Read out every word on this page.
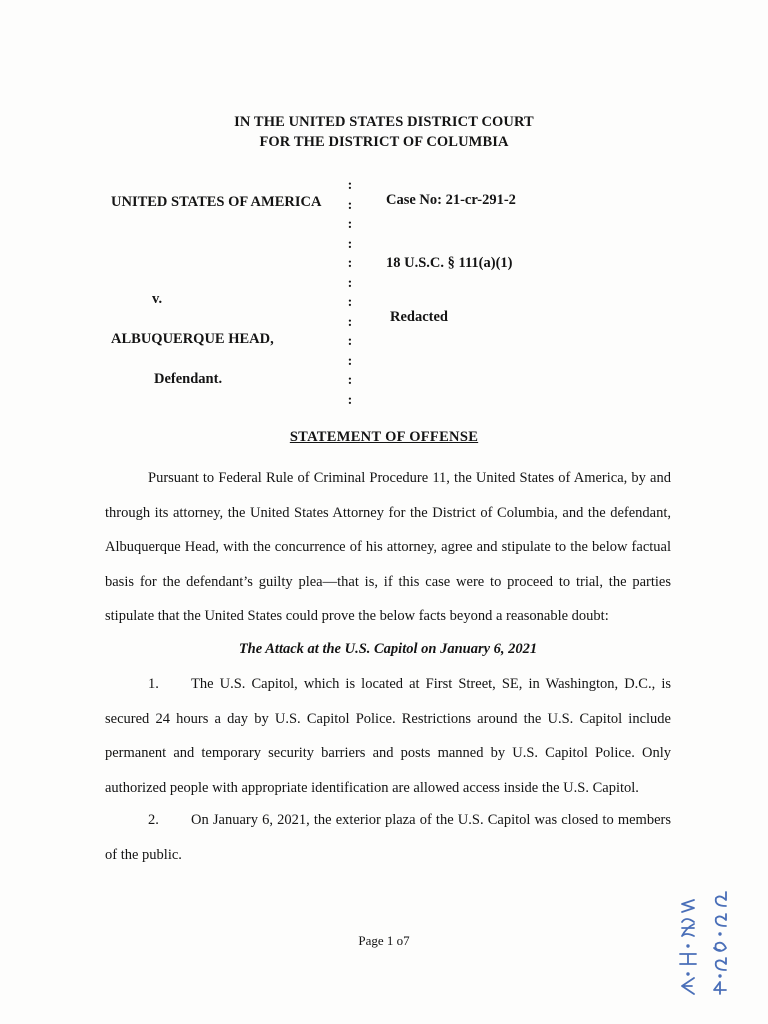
IN THE UNITED STATES DISTRICT COURT
FOR THE DISTRICT OF COLUMBIA
UNITED STATES OF AMERICA
v.
ALBUQUERQUE HEAD,
Defendant.
:
:
:
:
:
:
:
:
:
:
:
:
Case No: 21-cr-291-2
18 U.S.C. § 111(a)(1)
Redacted
STATEMENT OF OFFENSE

Pursuant to Federal Rule of Criminal Procedure 11, the United States of America, by and through its attorney, the United States Attorney for the District of Columbia, and the defendant, Albuquerque Head, with the concurrence of his attorney, agree and stipulate to the below factual basis for the defendant’s guilty plea—that is, if this case were to proceed to trial, the parties stipulate that the United States could prove the below facts beyond a reasonable doubt:

The Attack at the U.S. Capitol on January 6, 2021

1. The U.S. Capitol, which is located at First Street, SE, in Washington, D.C., is secured 24 hours a day by U.S. Capitol Police. Restrictions around the U.S. Capitol include permanent and temporary security barriers and posts manned by U.S. Capitol Police. Only authorized people with appropriate identification are allowed access inside the U.S. Capitol.

2. On January 6, 2021, the exterior plaza of the U.S. Capitol was closed to members of the public.

Page 1 o7
